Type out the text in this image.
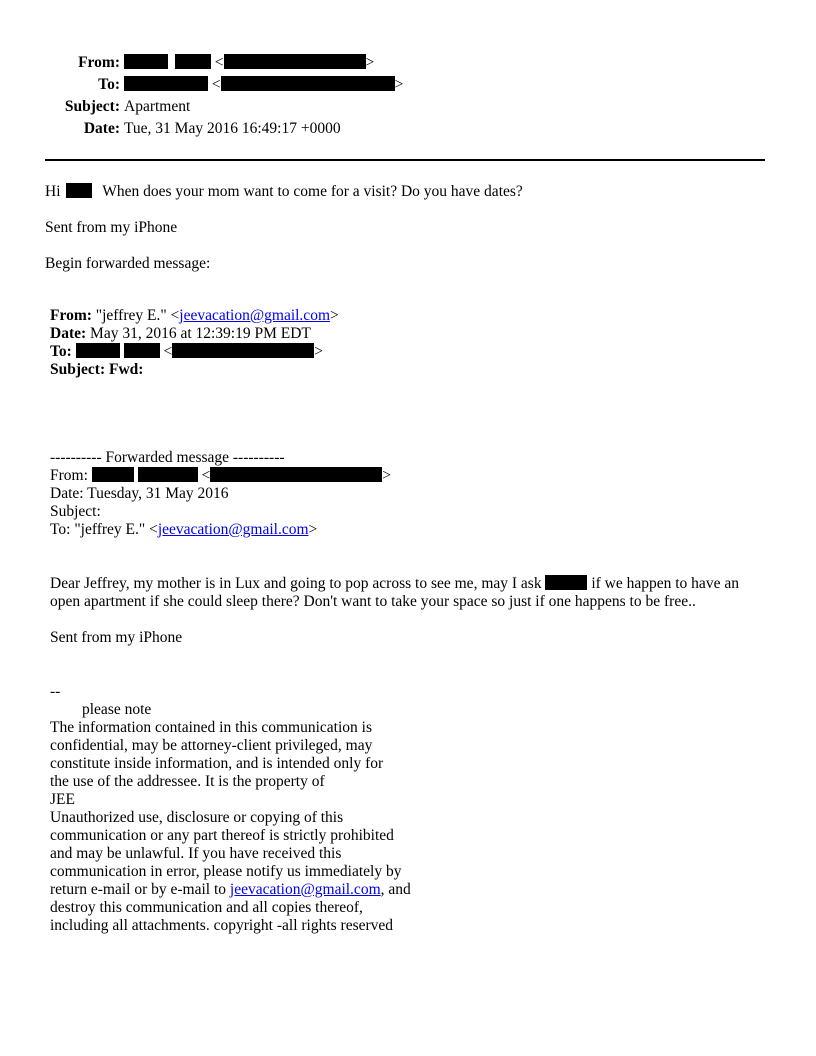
From:	<	>
To:	<	>
Subject: Apartment
Date: Tue, 31 May 2016 16:49:17 +0000
Hi	When does your mom want to come for a visit? Do you have dates?
Sent from my iPhone
Begin forwarded message:
From: "jeffrey E." <jeevacation@gmail.com>
Date: May 31, 2016 at 12:39:19 PM EDT
To:	<	>
Subject: Fwd:
---------- Forwarded message ----------
From:	<	>
Date: Tuesday, 31 May 2016
Subject:
To: "jeffrey E." <jeevacation@gmail.com>
Dear Jeffrey, my mother is in Lux and going to pop across to see me, may I ask	if we happen to have an
open apartment if she could sleep there? Don't want to take your space so just if one happens to be free..
Sent from my iPhone
--
please note
The information contained in this communication is
confidential, may be attorney-client privileged, may
constitute inside information, and is intended only for
the use of the addressee. It is the property of
JEE
Unauthorized use, disclosure or copying of this
communication or any part thereof is strictly prohibited
and may be unlawful. If you have received this
communication in error, please notify us immediately by
return e-mail or by e-mail to jeevacation@gmail.com, and
destroy this communication and all copies thereof,
including all attachments. copyright -all rights reserved
